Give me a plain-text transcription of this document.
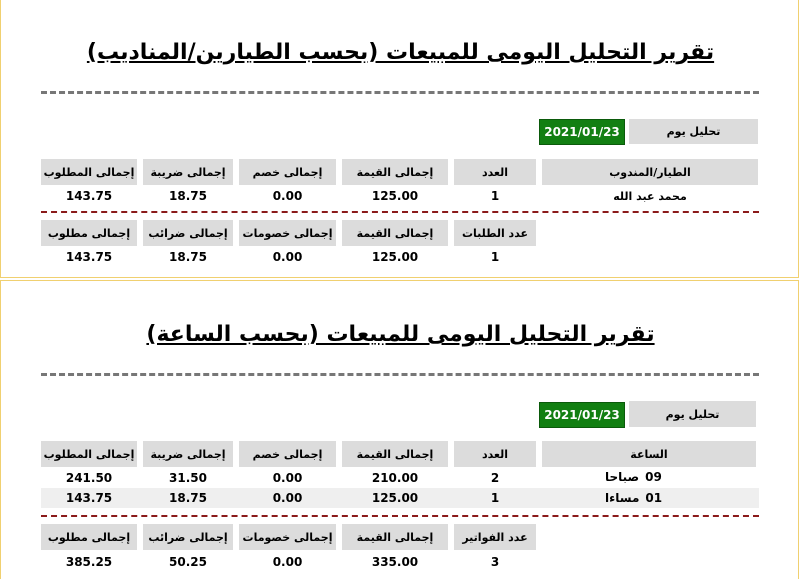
تقرير التحليل اليومى للمبيعات (بحسب الطيارين/المناديب)
تحليل يوم
2021/01/23
الطيار/المندوب
العدد
إجمالى القيمة
إجمالى خصم
إجمالى ضريبة
إجمالى المطلوب
محمد عبد الله
1
125.00
0.00
18.75
143.75
عدد الطلبات
إجمالى القيمة
إجمالى خصومات
إجمالى ضرائب
إجمالى مطلوب
1
125.00
0.00
18.75
143.75
تقرير التحليل اليومى للمبيعات (بحسب الساعة)
تحليل يوم
2021/01/23
الساعة
العدد
إجمالى القيمة
إجمالى خصم
إجمالى ضريبة
إجمالى المطلوب
09
صباحا
2
210.00
0.00
31.50
241.50
01
مساءا
1
125.00
0.00
18.75
143.75
عدد الفواتير
إجمالى القيمة
إجمالى خصومات
إجمالى ضرائب
إجمالى مطلوب
3
335.00
0.00
50.25
385.25
